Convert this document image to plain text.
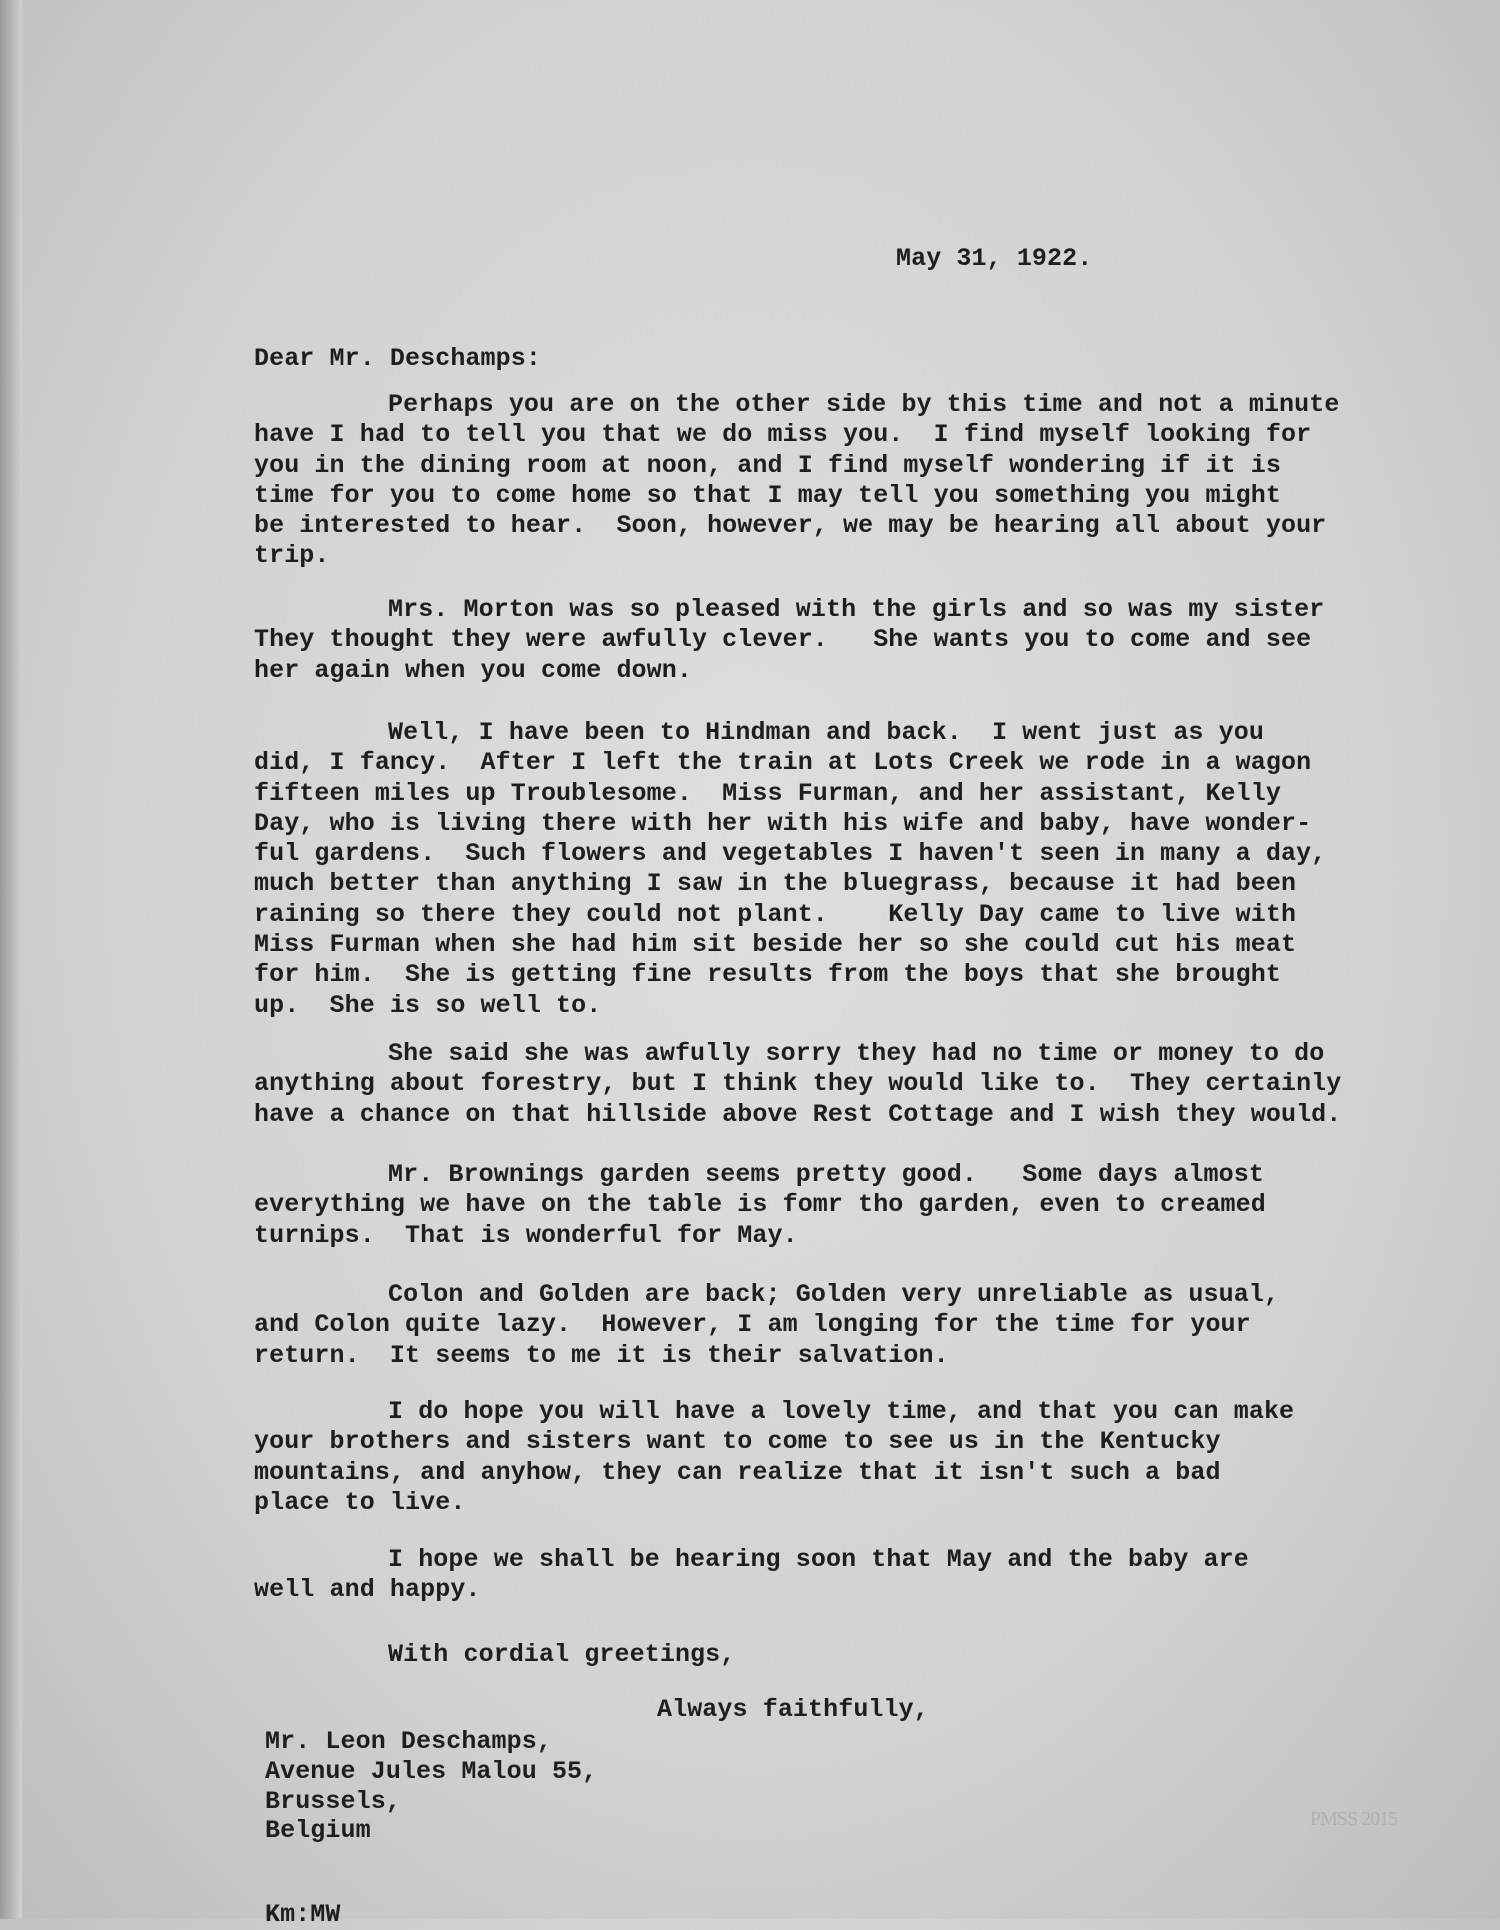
May 31, 1922.
Dear Mr. Deschamps:
Perhaps you are on the other side by this time and not a minute
have I had to tell you that we do miss you.  I find myself looking for
you in the dining room at noon, and I find myself wondering if it is
time for you to come home so that I may tell you something you might
be interested to hear.  Soon, however, we may be hearing all about your
trip.
Mrs. Morton was so pleased with the girls and so was my sister
They thought they were awfully clever.   She wants you to come and see
her again when you come down.
Well, I have been to Hindman and back.  I went just as you
did, I fancy.  After I left the train at Lots Creek we rode in a wagon
fifteen miles up Troublesome.  Miss Furman, and her assistant, Kelly
Day, who is living there with her with his wife and baby, have wonder-
ful gardens.  Such flowers and vegetables I haven't seen in many a day,
much better than anything I saw in the bluegrass, because it had been
raining so there they could not plant.    Kelly Day came to live with
Miss Furman when she had him sit beside her so she could cut his meat
for him.  She is getting fine results from the boys that she brought
up.  She is so well to.
She said she was awfully sorry they had no time or money to do
anything about forestry, but I think they would like to.  They certainly
have a chance on that hillside above Rest Cottage and I wish they would.
Mr. Brownings garden seems pretty good.   Some days almost
everything we have on the table is fomr tho garden, even to creamed
turnips.  That is wonderful for May.
Colon and Golden are back; Golden very unreliable as usual,
and Colon quite lazy.  However, I am longing for the time for your
return.  It seems to me it is their salvation.
I do hope you will have a lovely time, and that you can make
your brothers and sisters want to come to see us in the Kentucky
mountains, and anyhow, they can realize that it isn't such a bad
place to live.
I hope we shall be hearing soon that May and the baby are
well and happy.
With cordial greetings,
Always faithfully,
Mr. Leon Deschamps,
Avenue Jules Malou 55,
Brussels,
Belgium
Km:MW
PMSS 2015
